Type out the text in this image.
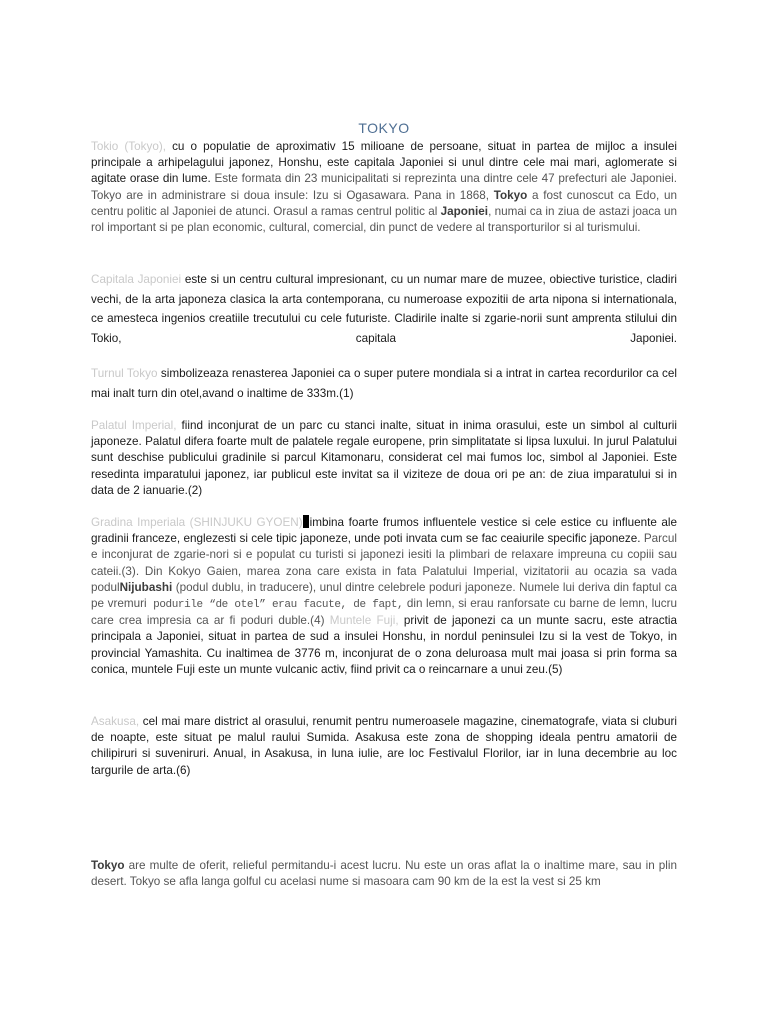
TOKYO
Tokio (Tokyo), cu o populatie de aproximativ 15 milioane de persoane, situat in partea de mijloc a insulei principale a arhipelagului japonez, Honshu, este capitala Japoniei si unul dintre cele mai mari, aglomerate si agitate orase din lume. Este formata din 23 municipalitati si reprezinta una dintre cele 47 prefecturi ale Japoniei. Tokyo are in administrare si doua insule: Izu si Ogasawara. Pana in 1868, Tokyo a fost cunoscut ca Edo, un centru politic al Japoniei de atunci. Orasul a ramas centrul politic al Japoniei, numai ca in ziua de astazi joaca un rol important si pe plan economic, cultural, comercial, din punct de vedere al transporturilor si al turismului.
Capitala Japoniei este si un centru cultural impresionant, cu un numar mare de muzee, obiective turistice, cladiri vechi, de la arta japoneza clasica la arta contemporana, cu numeroase expozitii de arta nipona si internationala, ce amesteca ingenios creatiile trecutului cu cele futuriste. Cladirile inalte si zgarie-norii sunt amprenta stilului din Tokio, capitala Japoniei.
Turnul Tokyo simbolizeaza renasterea Japoniei ca o super putere mondiala si a intrat in cartea recordurilor ca cel mai inalt turn din otel,avand o inaltime de 333m.(1)
Palatul Imperial, fiind inconjurat de un parc cu stanci inalte, situat in inima orasului, este un simbol al culturii japoneze. Palatul difera foarte mult de palatele regale europene, prin simplitatate si lipsa luxului. In jurul Palatului sunt deschise publicului gradinile si parcul Kitamonaru, considerat cel mai fumos loc, simbol al Japoniei. Este resedinta imparatului japonez, iar publicul este invitat sa il viziteze de doua ori pe an: de ziua imparatului si in data de 2 ianuarie.(2)
Gradina Imperiala (SHINJUKU GYOEN) imbina foarte frumos influentele vestice si cele estice cu influente ale gradinii franceze, englezesti si cele tipic japoneze, unde poti invata cum se fac ceaiurile specific japoneze. Parcul e inconjurat de zgarie-nori si e populat cu turisti si japonezi iesiti la plimbari de relaxare impreuna cu copiii sau cateii.(3). Din Kokyo Gaien, marea zona care exista in fata Palatului Imperial, vizitatorii au ocazia sa vada podulNijubashi (podul dublu, in traducere), unul dintre celebrele poduri japoneze. Numele lui deriva din faptul ca pe vremuri podurile “de otel” erau facute, de fapt, din lemn, si erau ranforsate cu barne de lemn, lucru care crea impresia ca ar fi poduri duble.(4) Muntele Fuji, privit de japonezi ca un munte sacru, este atractia principala a Japoniei, situat in partea de sud a insulei Honshu, in nordul peninsulei Izu si la vest de Tokyo, in provincial Yamashita. Cu inaltimea de 3776 m, inconjurat de o zona deluroasa mult mai joasa si prin forma sa conica, muntele Fuji este un munte vulcanic activ, fiind privit ca o reincarnare a unui zeu.(5)
Asakusa, cel mai mare district al orasului, renumit pentru numeroasele magazine, cinematografe, viata si cluburi de noapte, este situat pe malul raului Sumida. Asakusa este zona de shopping ideala pentru amatorii de chilipiruri si suveniruri. Anual, in Asakusa, in luna iulie, are loc Festivalul Florilor, iar in luna decembrie au loc targurile de arta.(6)
Tokyo are multe de oferit, relieful permitandu-i acest lucru. Nu este un oras aflat la o inaltime mare, sau in plin desert. Tokyo se afla langa golful cu acelasi nume si masoara cam 90 km de la est la vest si 25 km
